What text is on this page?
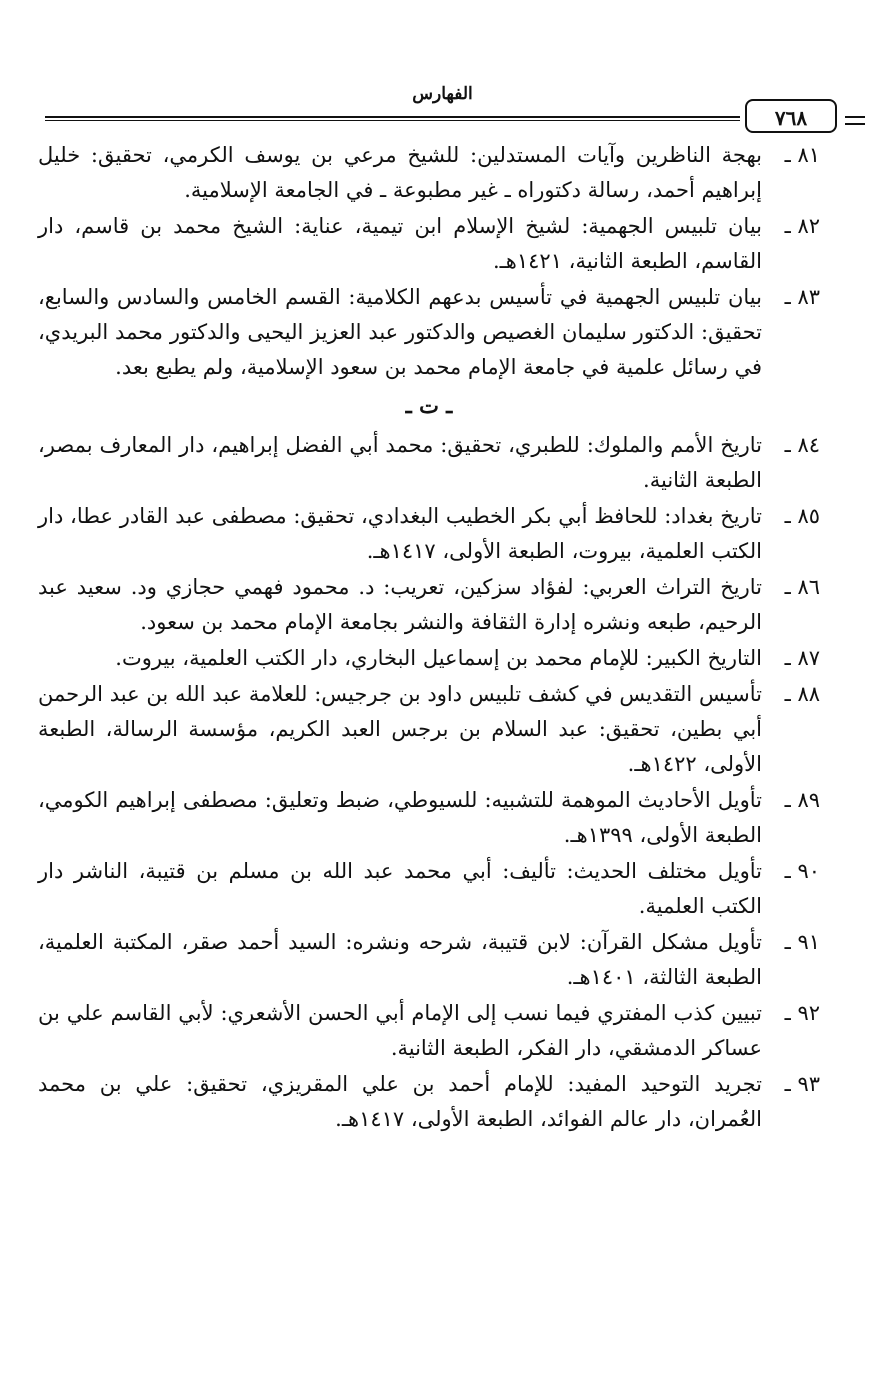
الفهارس
٧٦٨
٨١ ـ
بهجة الناظرين وآيات المستدلين: للشيخ مرعي بن يوسف الكرمي، تحقيق: خليل إبراهيم أحمد، رسالة دكتوراه ـ غير مطبوعة ـ في الجامعة الإسلامية.
٨٢ ـ
بيان تلبيس الجهمية: لشيخ الإسلام ابن تيمية، عناية: الشيخ محمد بن قاسم، دار القاسم، الطبعة الثانية، ١٤٢١هـ.
٨٣ ـ
بيان تلبيس الجهمية في تأسيس بدعهم الكلامية: القسم الخامس والسادس والسابع، تحقيق: الدكتور سليمان الغصيص والدكتور عبد العزيز اليحيى والدكتور محمد البريدي، في رسائل علمية في جامعة الإمام محمد بن سعود الإسلامية، ولم يطبع بعد.
ـ ت ـ
٨٤ ـ
تاريخ الأمم والملوك: للطبري، تحقيق: محمد أبي الفضل إبراهيم، دار المعارف بمصر، الطبعة الثانية.
٨٥ ـ
تاريخ بغداد: للحافظ أبي بكر الخطيب البغدادي، تحقيق: مصطفى عبد القادر عطا، دار الكتب العلمية، بيروت، الطبعة الأولى، ١٤١٧هـ.
٨٦ ـ
تاريخ التراث العربي: لفؤاد سزكين، تعريب: د. محمود فهمي حجازي ود. سعيد عبد الرحيم، طبعه ونشره إدارة الثقافة والنشر بجامعة الإمام محمد بن سعود.
٨٧ ـ
التاريخ الكبير: للإمام محمد بن إسماعيل البخاري، دار الكتب العلمية، بيروت.
٨٨ ـ
تأسيس التقديس في كشف تلبيس داود بن جرجيس: للعلامة عبد الله بن عبد الرحمن أبي بطين، تحقيق: عبد السلام بن برجس العبد الكريم، مؤسسة الرسالة، الطبعة الأولى، ١٤٢٢هـ.
٨٩ ـ
تأويل الأحاديث الموهمة للتشبيه: للسيوطي، ضبط وتعليق: مصطفى إبراهيم الكومي، الطبعة الأولى، ١٣٩٩هـ.
٩٠ ـ
تأويل مختلف الحديث: تأليف: أبي محمد عبد الله بن مسلم بن قتيبة، الناشر دار الكتب العلمية.
٩١ ـ
تأويل مشكل القرآن: لابن قتيبة، شرحه ونشره: السيد أحمد صقر، المكتبة العلمية، الطبعة الثالثة، ١٤٠١هـ.
٩٢ ـ
تبيين كذب المفتري فيما نسب إلى الإمام أبي الحسن الأشعري: لأبي القاسم علي بن عساكر الدمشقي، دار الفكر، الطبعة الثانية.
٩٣ ـ
تجريد التوحيد المفيد: للإمام أحمد بن علي المقريزي، تحقيق: علي بن محمد العُمران، دار عالم الفوائد، الطبعة الأولى، ١٤١٧هـ.
